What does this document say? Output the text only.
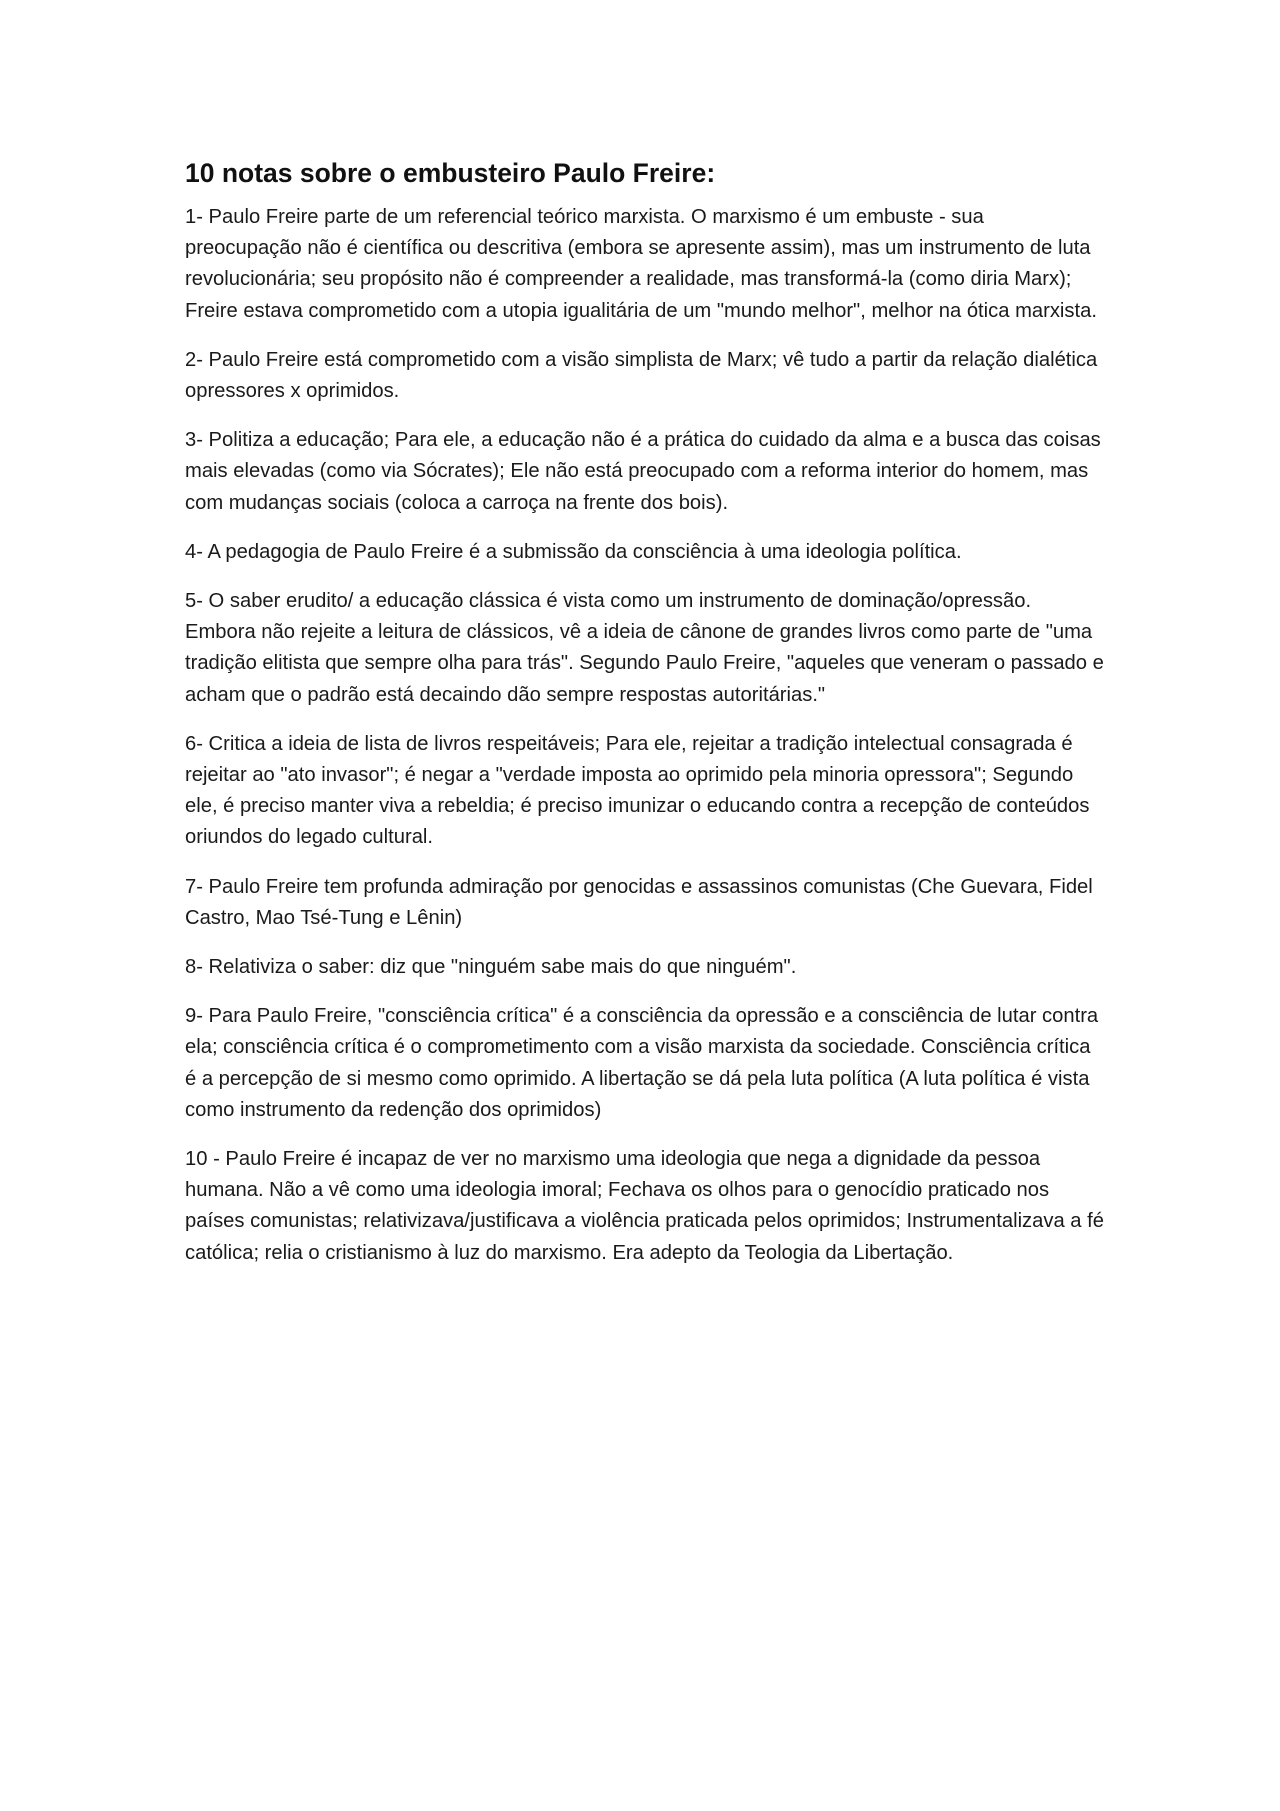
10 notas sobre o embusteiro Paulo Freire:

1- Paulo Freire parte de um referencial teórico marxista. O marxismo é um embuste - sua preocupação não é científica ou descritiva (embora se apresente assim), mas um instrumento de luta revolucionária; seu propósito não é compreender a realidade, mas transformá-la (como diria Marx); Freire estava comprometido com a utopia igualitária de um "mundo melhor", melhor na ótica marxista.

2- Paulo Freire está comprometido com a visão simplista de Marx; vê tudo a partir da relação dialética opressores x oprimidos.

3- Politiza a educação; Para ele, a educação não é a prática do cuidado da alma e a busca das coisas mais elevadas (como via Sócrates); Ele não está preocupado com a reforma interior do homem, mas com mudanças sociais (coloca a carroça na frente dos bois).

4- A pedagogia de Paulo Freire é a submissão da consciência à uma ideologia política.

5- O saber erudito/ a educação clássica é vista como um instrumento de dominação/opressão. Embora não rejeite a leitura de clássicos, vê a ideia de cânone de grandes livros como parte de "uma tradição elitista que sempre olha para trás". Segundo Paulo Freire, "aqueles que veneram o passado e acham que o padrão está decaindo dão sempre respostas autoritárias."

6- Critica a ideia de lista de livros respeitáveis; Para ele, rejeitar a tradição intelectual consagrada é rejeitar ao "ato invasor"; é negar a "verdade imposta ao oprimido pela minoria opressora"; Segundo ele, é preciso manter viva a rebeldia; é preciso imunizar o educando contra a recepção de conteúdos oriundos do legado cultural.

7- Paulo Freire tem profunda admiração por genocidas e assassinos comunistas (Che Guevara, Fidel Castro, Mao Tsé-Tung e Lênin)

8- Relativiza o saber: diz que "ninguém sabe mais do que ninguém".

9- Para Paulo Freire, "consciência crítica" é a consciência da opressão e a consciência de lutar contra ela; consciência crítica é o comprometimento com a visão marxista da sociedade. Consciência crítica é a percepção de si mesmo como oprimido. A libertação se dá pela luta política (A luta política é vista como instrumento da redenção dos oprimidos)

10 - Paulo Freire é incapaz de ver no marxismo uma ideologia que nega a dignidade da pessoa humana. Não a vê como uma ideologia imoral; Fechava os olhos para o genocídio praticado nos países comunistas; relativizava/justificava a violência praticada pelos oprimidos; Instrumentalizava a fé católica; relia o cristianismo à luz do marxismo. Era adepto da Teologia da Libertação.
